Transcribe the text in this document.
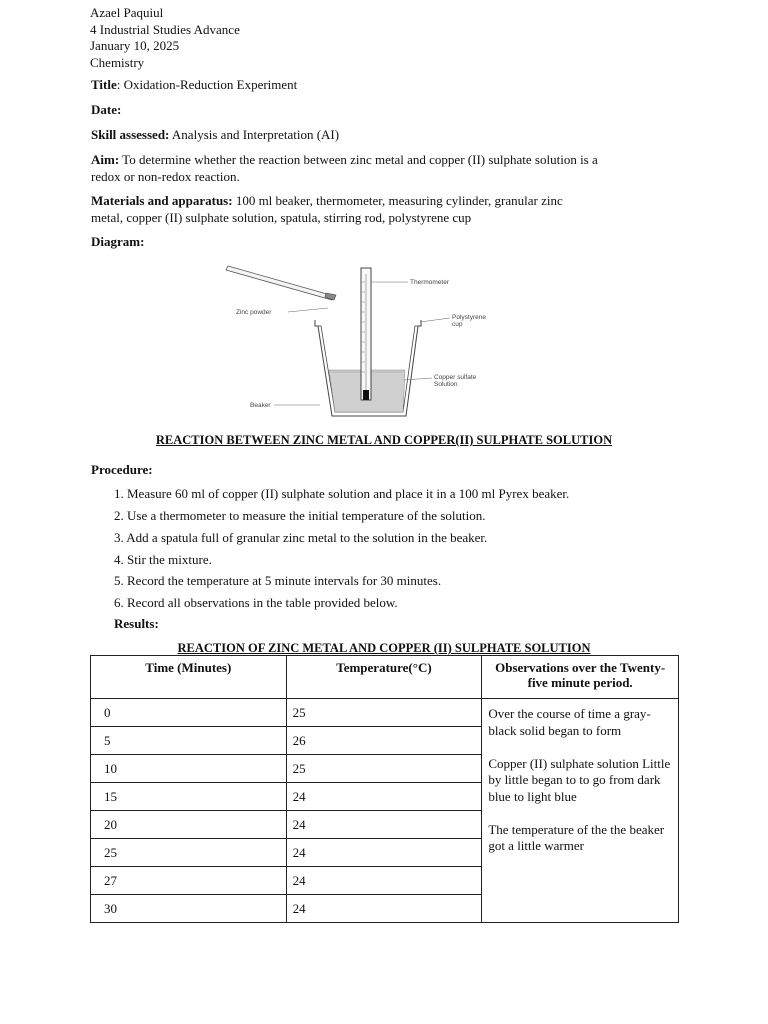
Azael Paquiul
4 Industrial Studies Advance
January 10, 2025
Chemistry
Title: Oxidation-Reduction Experiment
Date:
Skill assessed: Analysis and Interpretation (AI)
Aim: To determine whether the reaction between zinc metal and copper (II) sulphate solution is a
redox or non-redox reaction.
Materials and apparatus: 100 ml beaker, thermometer, measuring cylinder, granular zinc
metal, copper (II) sulphate solution, spatula, stirring rod, polystyrene cup
Diagram:
Thermometer
Zinc powder
Polystyrene
cup
Copper sulfate
Solution
Beaker
REACTION BETWEEN ZINC METAL AND COPPER(II) SULPHATE SOLUTION
Procedure:
1. Measure 60 ml of copper (II) sulphate solution and place it in a 100 ml Pyrex beaker.
2. Use a thermometer to measure the initial temperature of the solution.
3. Add a spatula full of granular zinc metal to the solution in the beaker.
4. Stir the mixture.
5. Record the temperature at 5 minute intervals for 30 minutes.
6. Record all observations in the table provided below.
Results:
REACTION OF ZINC METAL AND COPPER (II) SULPHATE SOLUTION
Time (Minutes)	Temperature(°C)	Observations over the Twenty-five minute period.
0	25	Over the course of time a gray-black solid began to form

Copper (II) sulphate solution Little by little began to to go from dark blue to light blue

The temperature of the the beaker got a little warmer

5	26	
10	25	
15	24	
20	24	
25	24	
27	24	
30	24	
